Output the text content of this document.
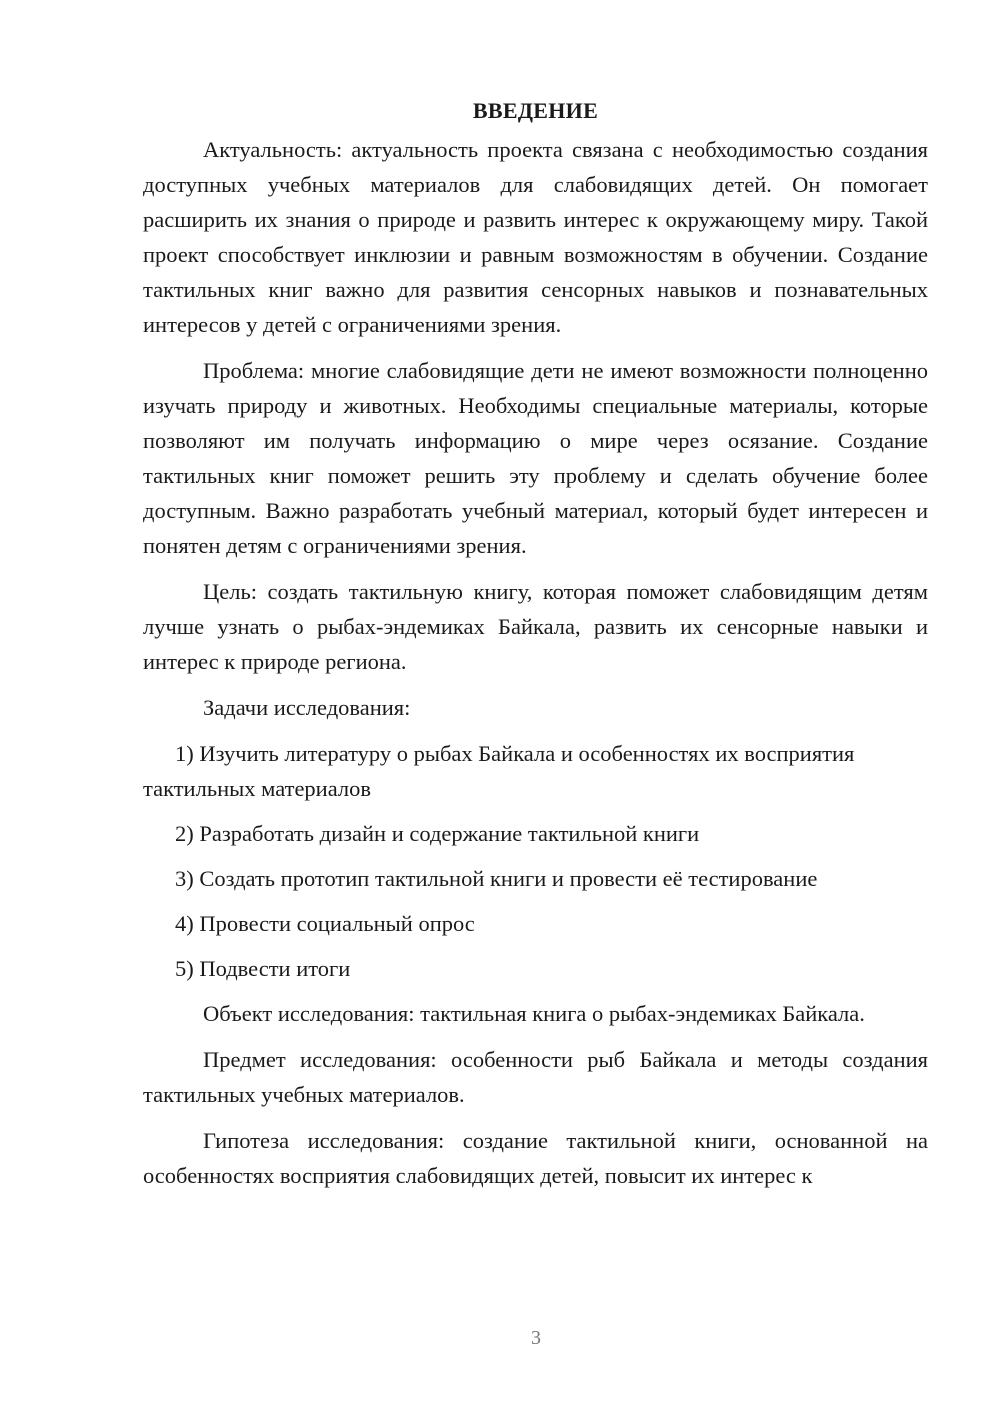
ВВЕДЕНИЕ

Актуальность: актуальность проекта связана с необходимостью создания доступных учебных материалов для слабовидящих детей. Он помогает расширить их знания о природе и развить интерес к окружающему миру. Такой проект способствует инклюзии и равным возможностям в обучении. Создание тактильных книг важно для развития сенсорных навыков и познавательных интересов у детей с ограничениями зрения.

Проблема: многие слабовидящие дети не имеют возможности полноценно изучать природу и животных. Необходимы специальные материалы, которые позволяют им получать информацию о мире через осязание. Создание тактильных книг поможет решить эту проблему и сделать обучение более доступным. Важно разработать учебный материал, который будет интересен и понятен детям с ограничениями зрения.

Цель: создать тактильную книгу, которая поможет слабовидящим детям лучше узнать о рыбах-эндемиках Байкала, развить их сенсорные навыки и интерес к природе региона.

Задачи исследования:

1) Изучить литературу о рыбах Байкала и особенностях их восприятия тактильных материалов

2) Разработать дизайн и содержание тактильной книги

3) Создать прототип тактильной книги и провести её тестирование

4) Провести социальный опрос

5) Подвести итоги

Объект исследования: тактильная книга о рыбах-эндемиках Байкала.

Предмет исследования: особенности рыб Байкала и методы создания тактильных учебных материалов.

Гипотеза исследования: создание тактильной книги, основанной на особенностях восприятия слабовидящих детей, повысит их интерес к

3
